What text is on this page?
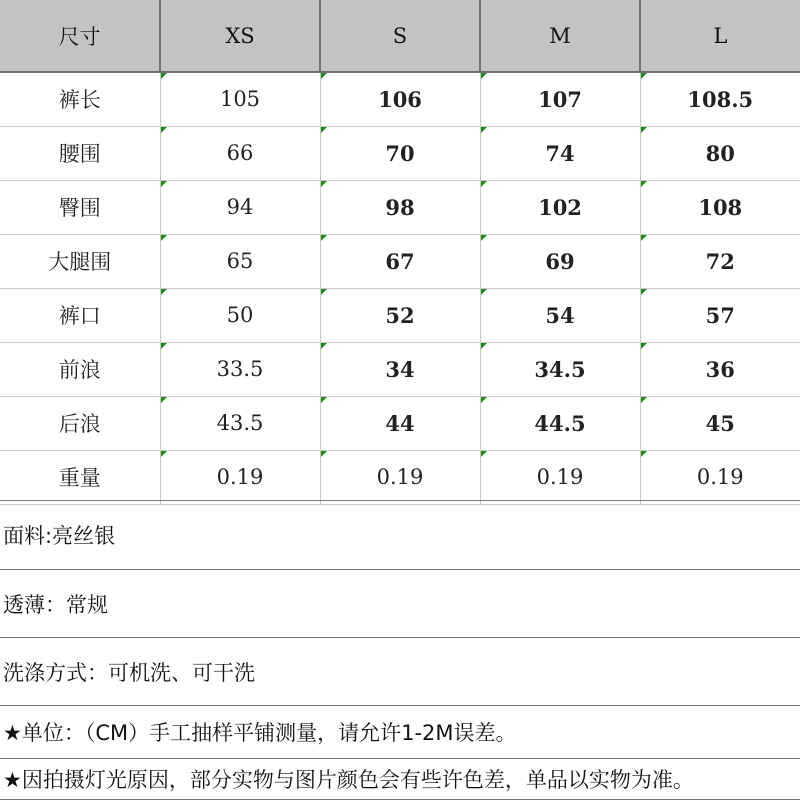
尺寸	XS	S	M	L
裤长	105	106	107	108.5
腰围	66	70	74	80
臀围	94	98	102	108
大腿围	65	67	69	72
裤口	50	52	54	57
前浪	33.5	34	34.5	36
后浪	43.5	44	44.5	45
重量	0.19	0.19	0.19	0.19
面料:亮丝银
透薄：常规
洗涤方式：可机洗、可干洗
★单位：（CM）手工抽样平铺测量，请允许1-2M误差。
★因拍摄灯光原因，部分实物与图片颜色会有些许色差，单品以实物为准。
